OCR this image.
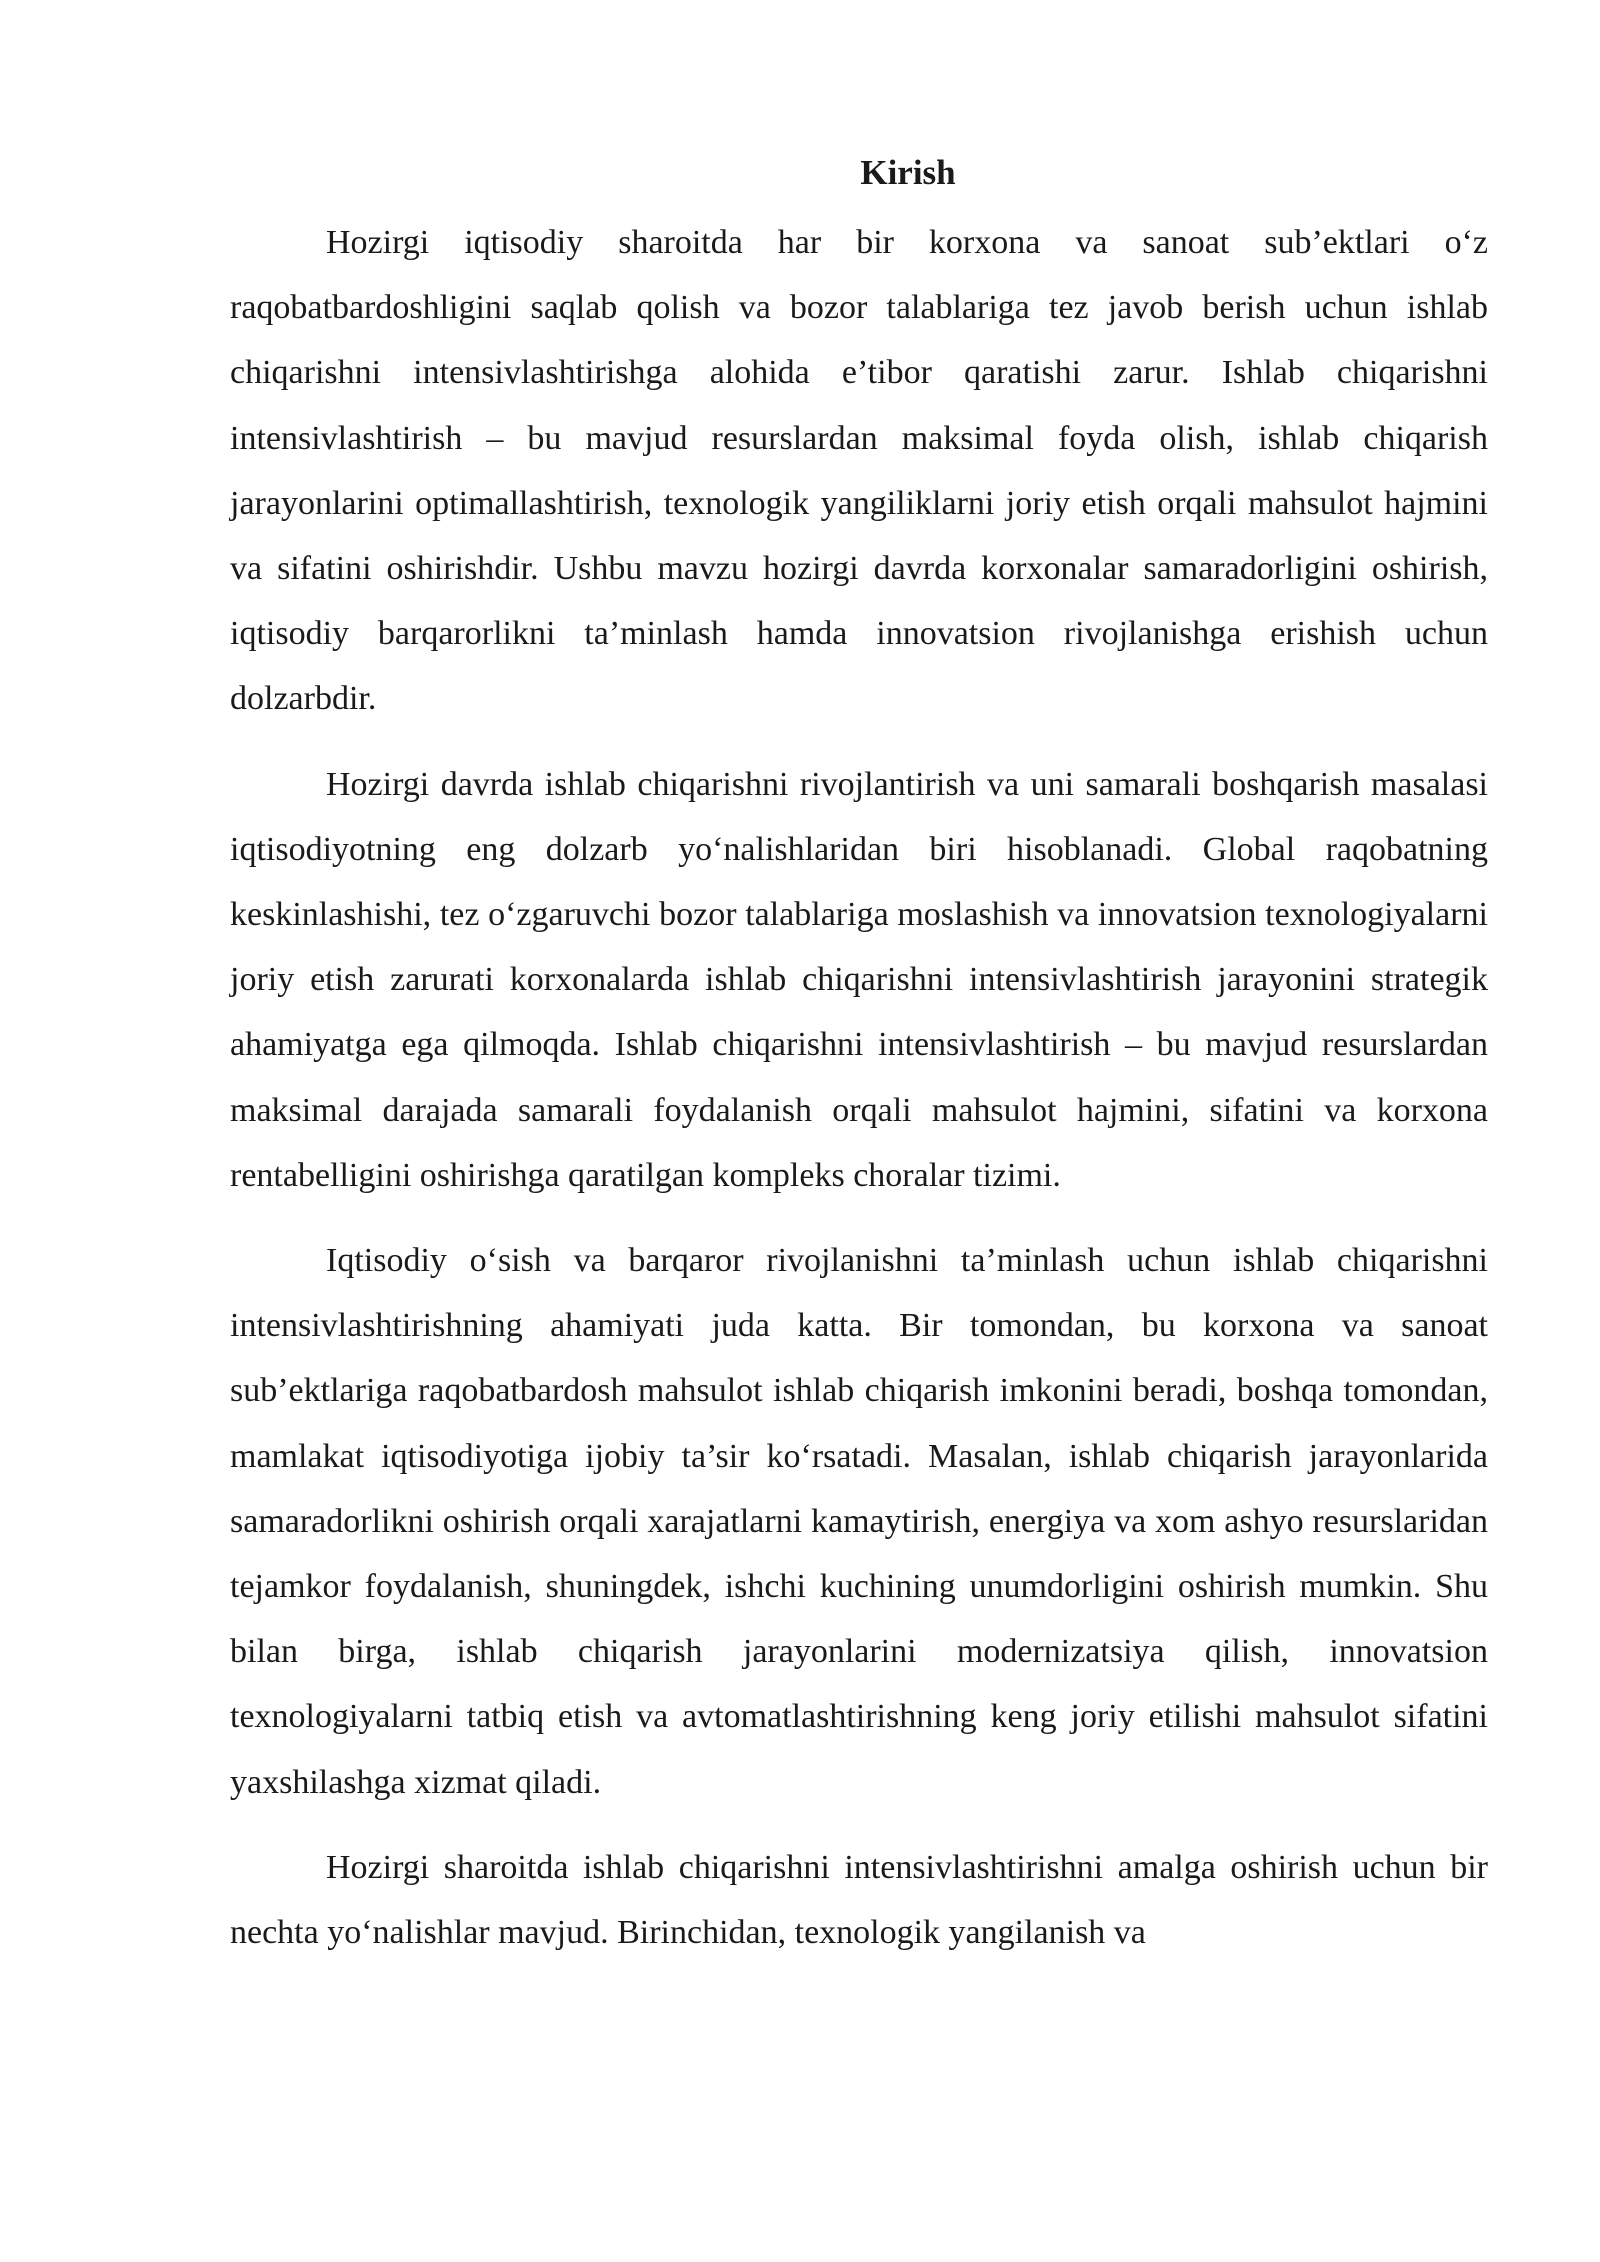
Kirish

Hozirgi iqtisodiy sharoitda har bir korxona va sanoat sub’ektlari o‘z raqobatbardoshligini saqlab qolish va bozor talablariga tez javob berish uchun ishlab chiqarishni intensivlashtirishga alohida e’tibor qaratishi zarur. Ishlab chiqarishni intensivlashtirish – bu mavjud resurslardan maksimal foyda olish, ishlab chiqarish jarayonlarini optimallashtirish, texnologik yangiliklarni joriy etish orqali mahsulot hajmini va sifatini oshirishdir. Ushbu mavzu hozirgi davrda korxonalar samaradorligini oshirish, iqtisodiy barqarorlikni ta’minlash hamda innovatsion rivojlanishga erishish uchun dolzarbdir.

Hozirgi davrda ishlab chiqarishni rivojlantirish va uni samarali boshqarish masalasi iqtisodiyotning eng dolzarb yo‘nalishlaridan biri hisoblanadi. Global raqobatning keskinlashishi, tez o‘zgaruvchi bozor talablariga moslashish va innovatsion texnologiyalarni joriy etish zarurati korxonalarda ishlab chiqarishni intensivlashtirish jarayonini strategik ahamiyatga ega qilmoqda. Ishlab chiqarishni intensivlashtirish – bu mavjud resurslardan maksimal darajada samarali foydalanish orqali mahsulot hajmini, sifatini va korxona rentabelligini oshirishga qaratilgan kompleks choralar tizimi.

Iqtisodiy o‘sish va barqaror rivojlanishni ta’minlash uchun ishlab chiqarishni intensivlashtirishning ahamiyati juda katta. Bir tomondan, bu korxona va sanoat sub’ektlariga raqobatbardosh mahsulot ishlab chiqarish imkonini beradi, boshqa tomondan, mamlakat iqtisodiyotiga ijobiy ta’sir ko‘rsatadi. Masalan, ishlab chiqarish jarayonlarida samaradorlikni oshirish orqali xarajatlarni kamaytirish, energiya va xom ashyo resurslaridan tejamkor foydalanish, shuningdek, ishchi kuchining unumdorligini oshirish mumkin. Shu bilan birga, ishlab chiqarish jarayonlarini modernizatsiya qilish, innovatsion texnologiyalarni tatbiq etish va avtomatlashtirishning keng joriy etilishi mahsulot sifatini yaxshilashga xizmat qiladi.

Hozirgi sharoitda ishlab chiqarishni intensivlashtirishni amalga oshirish uchun bir nechta yo‘nalishlar mavjud. Birinchidan, texnologik yangilanish va
